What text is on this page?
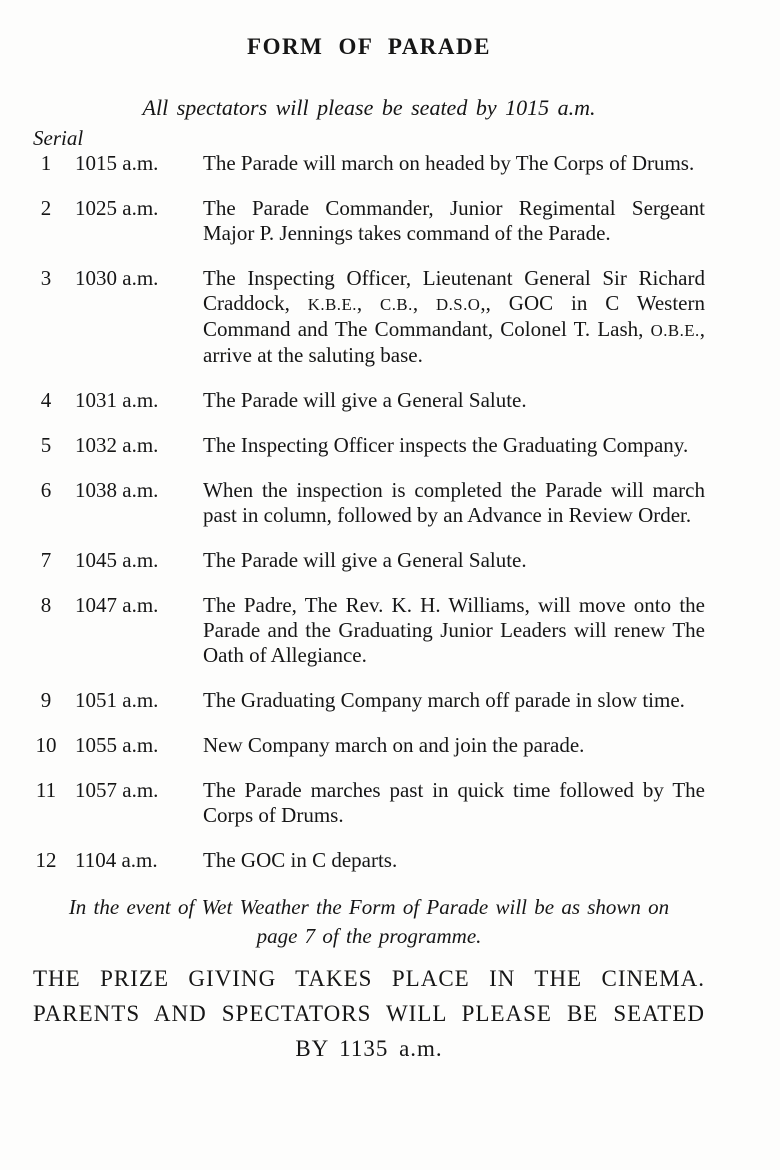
FORM OF PARADE
All spectators will please be seated by 1015 a.m.
Serial
1	1015 a.m.	The Parade will march on headed by The Corps of Drums.
2	1025 a.m.	The Parade Commander, Junior Regimental Sergeant Major P. Jennings takes command of the Parade.
3	1030 a.m.	The Inspecting Officer, Lieutenant General Sir Richard Craddock, K.B.E., C.B., D.S.O,, GOC in C Western Command and The Commandant, Colonel T. Lash, O.B.E., arrive at the saluting base.
4	1031 a.m.	The Parade will give a General Salute.
5	1032 a.m.	The Inspecting Officer inspects the Graduating Company.
6	1038 a.m.	When the inspection is completed the Parade will march past in column, followed by an Advance in Review Order.
7	1045 a.m.	The Parade will give a General Salute.
8	1047 a.m.	The Padre, The Rev. K. H. Williams, will move onto the Parade and the Graduating Junior Leaders will renew The Oath of Allegiance.
9	1051 a.m.	The Graduating Company march off parade in slow time.
10 1055 a.m.	New Company march on and join the parade.
11 1057 a.m.	The Parade marches past in quick time followed by The Corps of Drums.
12 1104 a.m.	The GOC in C departs.
In the event of Wet Weather the Form of Parade will be as shown on page 7 of the programme.
THE PRIZE GIVING TAKES PLACE IN THE CINEMA.
PARENTS AND SPECTATORS WILL PLEASE BE SEATED
BY 1135 a.m.
